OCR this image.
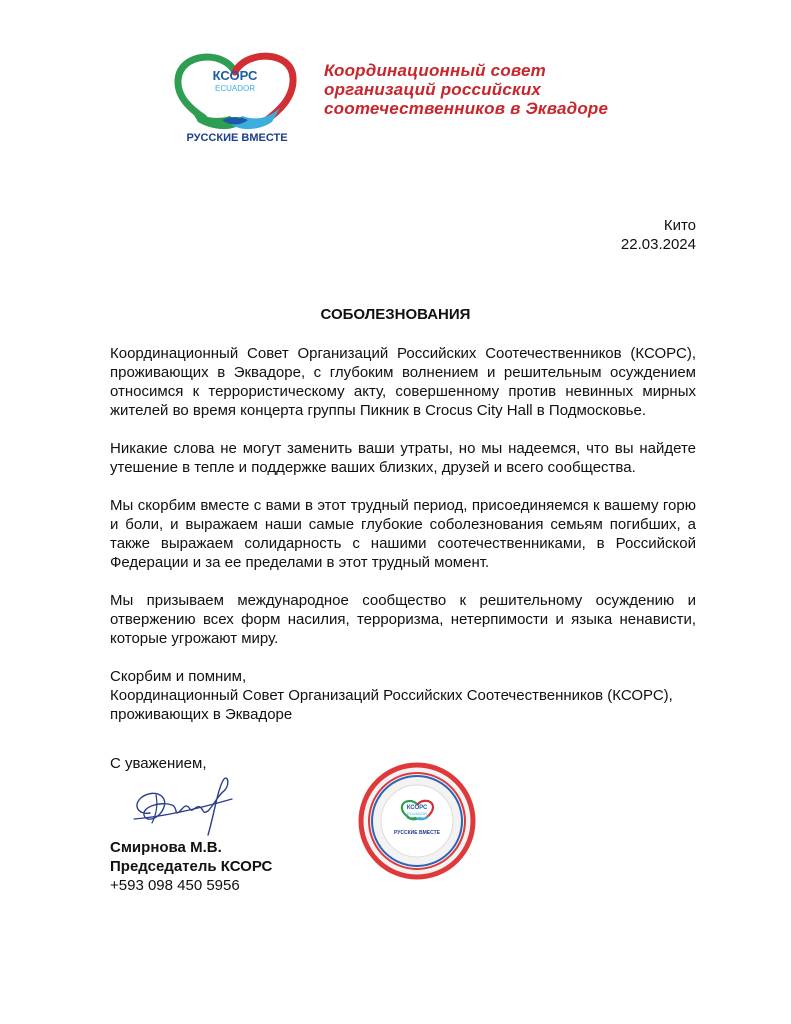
КСОРС
ECUADOR
РУССКИЕ ВМЕСТЕ
Координационный совет
организаций российских
соотечественников в Эквадоре
Кито
22.03.2024
СОБОЛЕЗНОВАНИЯ

Координационный Совет Организаций Российских Соотечественников (КСОРС), проживающих в Эквадоре, с глубоким волнением и решительным осуждением относимся к террористическому акту, совершенному против невинных мирных жителей во время концерта группы Пикник в Crocus City Hall в Подмосковье.

Никакие слова не могут заменить ваши утраты, но мы надеемся, что вы найдете утешение в тепле и поддержке ваших близких, друзей и всего сообщества.

Мы скорбим вместе с вами в этот трудный период, присоединяемся к вашему горю и боли, и выражаем наши самые глубокие соболезнования семьям погибших, а также выражаем солидарность с нашими соотечественниками, в Российской Федерации и за ее пределами в этот трудный момент.

Мы призываем международное сообщество к решительному осуждению и отвержению всех форм насилия, терроризма, нетерпимости и языка ненависти, которые угрожают миру.

Скорбим и помним,
Координационный Совет Организаций Российских Соотечественников (КСОРС),
проживающих в Эквадоре
С уважением,
Смирнова М.В.
Председатель КСОРС
+593 098 450 5956
КСОРС
ECUADOR
РУССКИЕ ВМЕСТЕ
